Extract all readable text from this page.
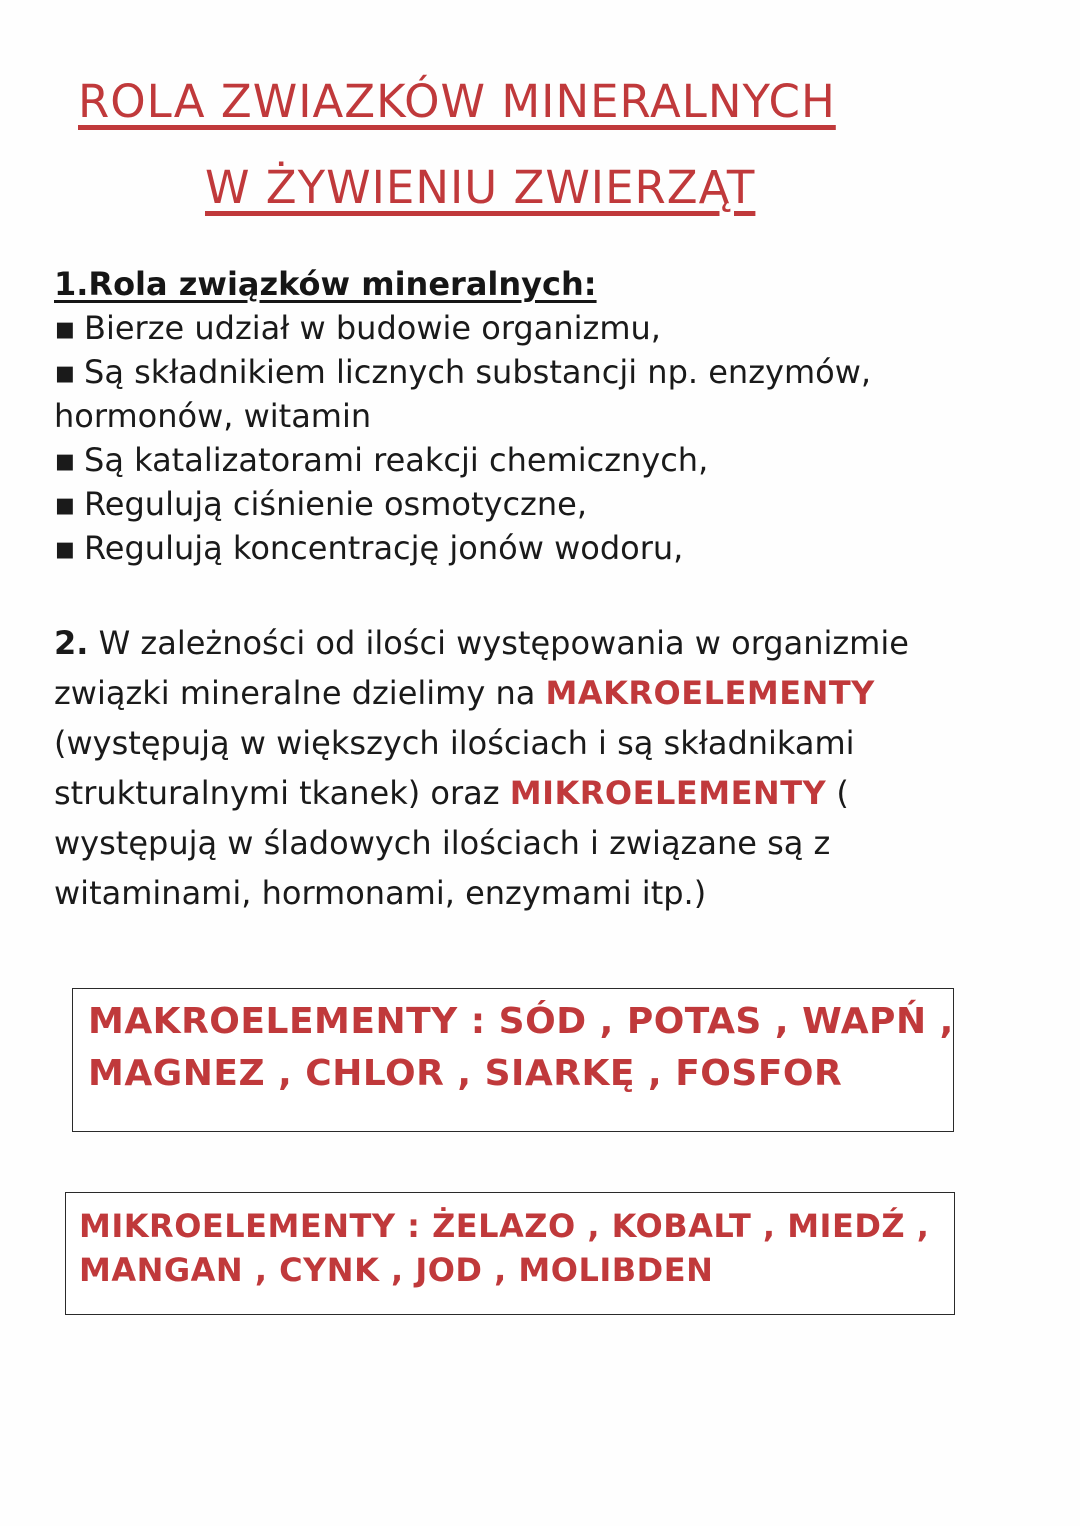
ROLA ZWIAZKÓW MINERALNYCH
W ŻYWIENIU ZWIERZĄT
1.Rola związków mineralnych:
▪ Bierze udział w budowie organizmu,
▪ Są składnikiem licznych substancji np. enzymów,
hormonów, witamin
▪ Są katalizatorami reakcji chemicznych,
▪ Regulują ciśnienie osmotyczne,
▪ Regulują koncentrację jonów wodoru,

2. W zależności od ilości występowania w organizmie związki mineralne dzielimy na MAKROELEMENTY (występują w większych ilościach i są składnikami strukturalnymi tkanek) oraz MIKROELEMENTY ( występują w śladowych ilościach i związane są z witaminami, hormonami, enzymami itp.)

MAKROELEMENTY : SÓD , POTAS , WAPŃ ,
MAGNEZ , CHLOR , SIARKĘ , FOSFOR
MIKROELEMENTY : ŻELAZO , KOBALT , MIEDŹ ,
MANGAN , CYNK , JOD , MOLIBDEN
